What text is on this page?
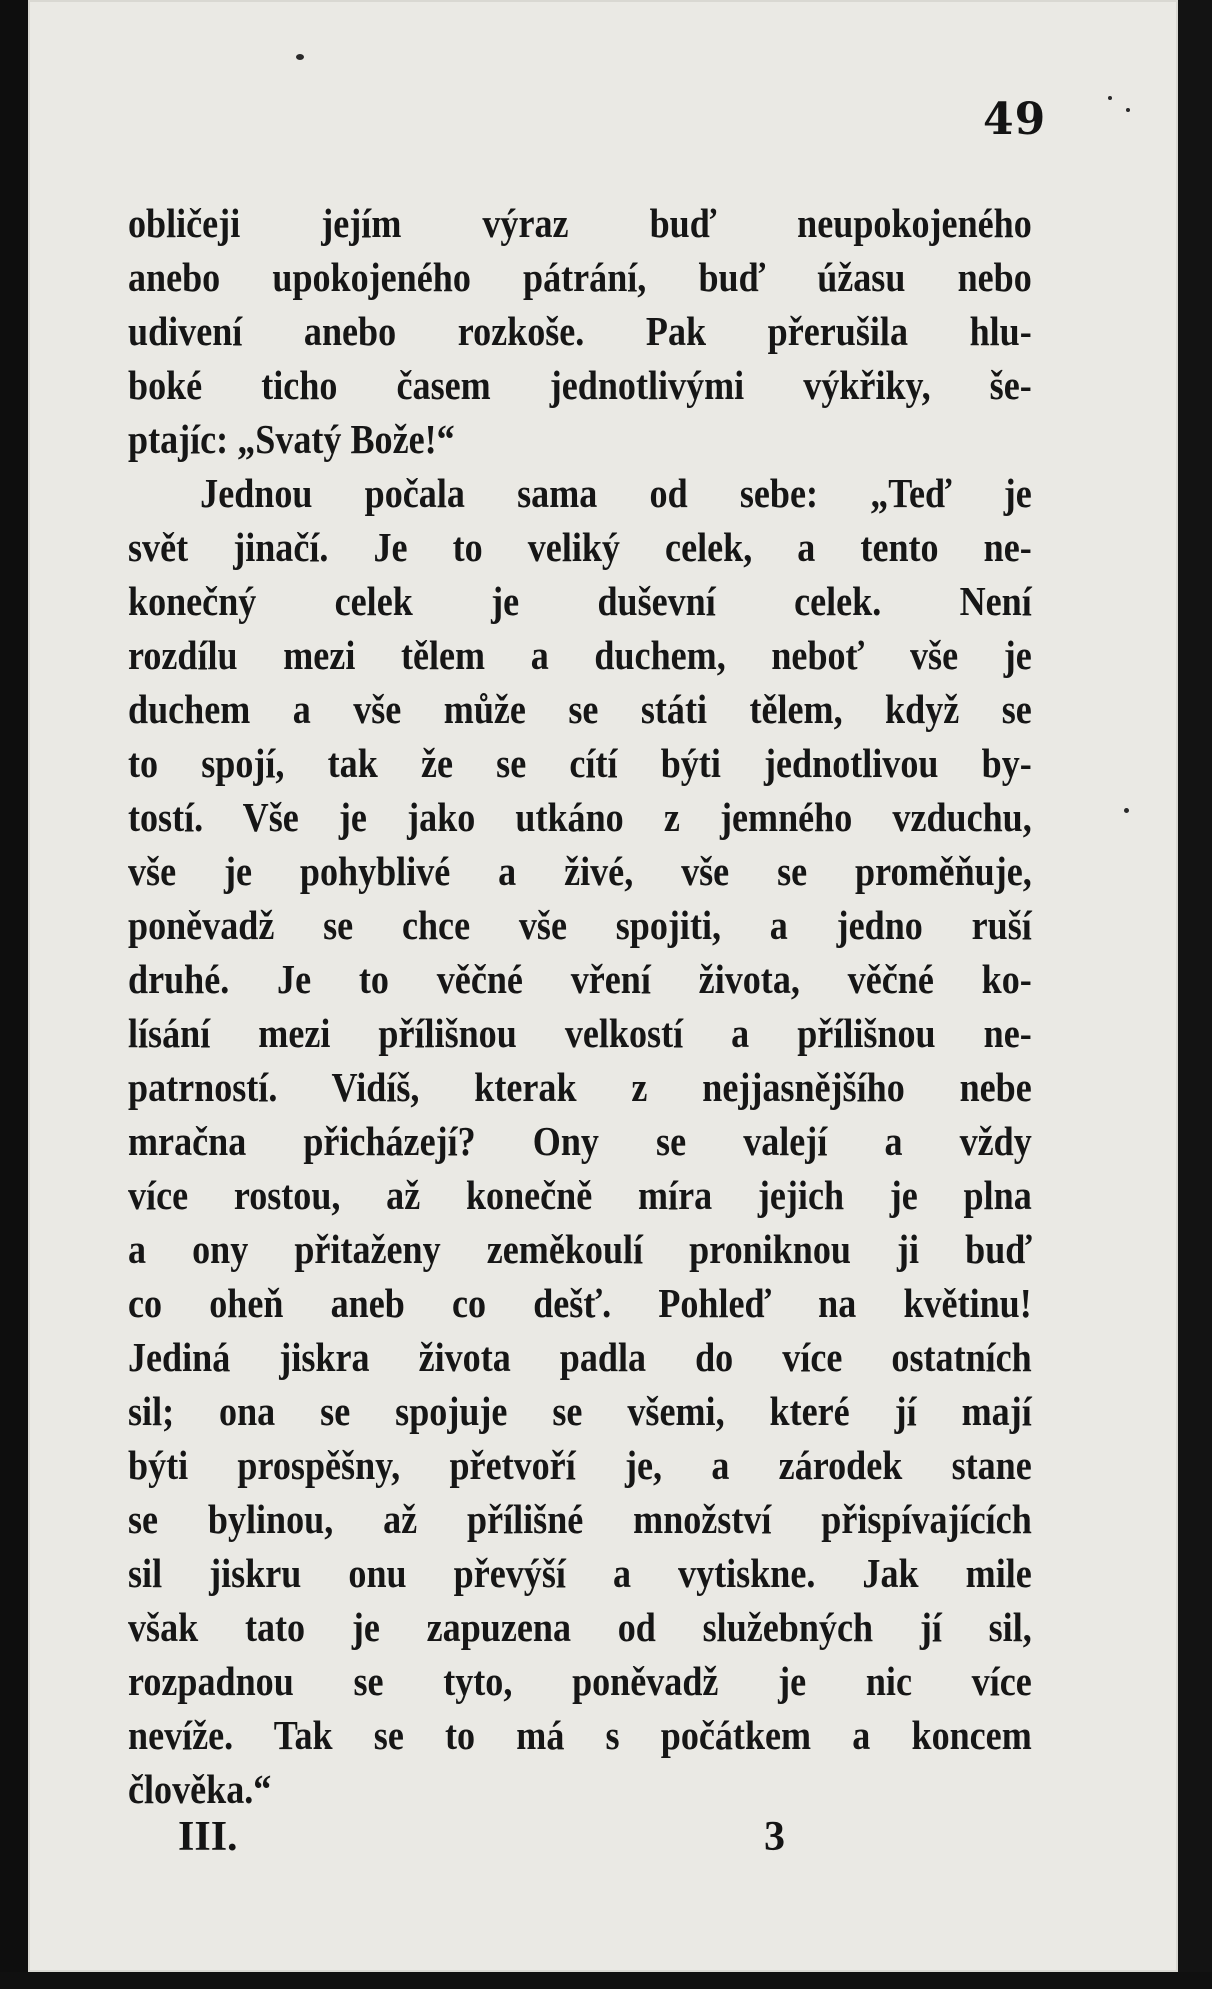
49
obličeji jejím výraz buď neupokojeného
anebo upokojeného pátrání, buď úžasu nebo
udivení anebo rozkoše. Pak přerušila hlu-
boké ticho časem jednotlivými výkřiky, še-
ptajíc: „Svatý Bože!“
Jednou počala sama od sebe: „Teď je
svět jinačí. Je to veliký celek, a tento ne-
konečný celek je duševní celek. Není
rozdílu mezi tělem a duchem, neboť vše je
duchem a vše může se státi tělem, když se
to spojí, tak že se cítí býti jednotlivou by-
tostí. Vše je jako utkáno z jemného vzduchu,
vše je pohyblivé a živé, vše se proměňuje,
poněvadž se chce vše spojiti, a jedno ruší
druhé. Je to věčné vření života, věčné ko-
lísání mezi přílišnou velkostí a přílišnou ne-
patrností. Vidíš, kterak z nejjasnějšího nebe
mračna přicházejí? Ony se valejí a vždy
více rostou, až konečně míra jejich je plna
a ony přitaženy zeměkoulí proniknou ji buď
co oheň aneb co dešť. Pohleď na květinu!
Jediná jiskra života padla do více ostatních
sil; ona se spojuje se všemi, které jí mají
býti prospěšny, přetvoří je, a zárodek stane
se bylinou, až přílišné množství přispívajících
sil jiskru onu převýší a vytiskne. Jak mile
však tato je zapuzena od služebných jí sil,
rozpadnou se tyto, poněvadž je nic více
nevíže. Tak se to má s počátkem a koncem
člověka.“
III.	3
